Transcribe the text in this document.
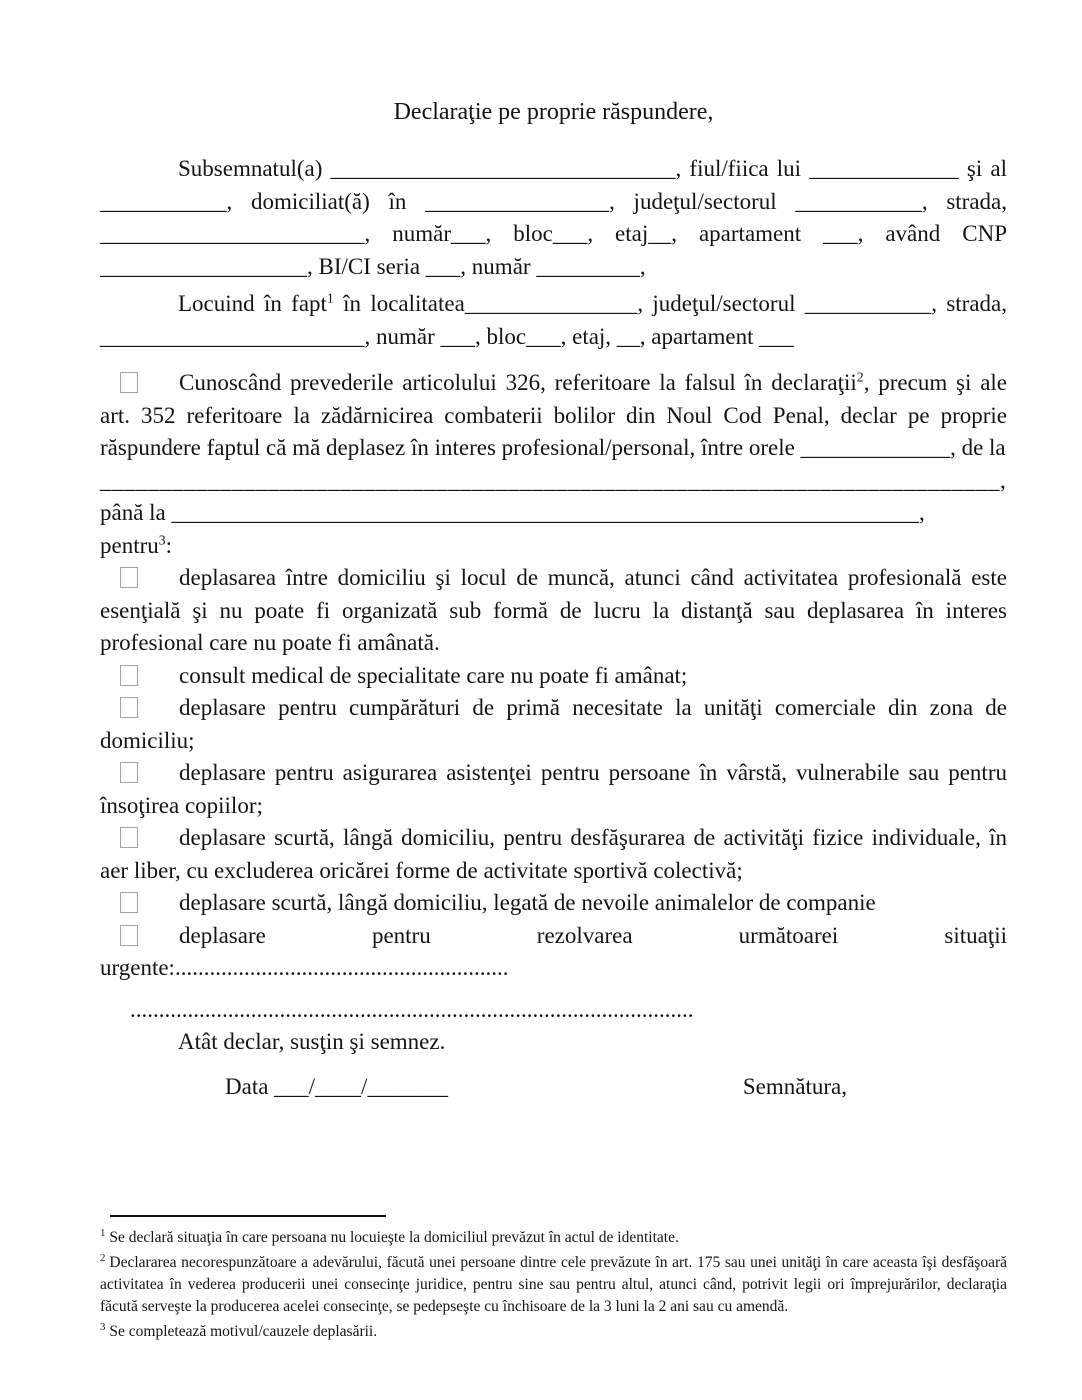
Declaraţie pe proprie răspundere,

Subsemnatul(a) ______________________________, fiul/fiica lui _____________ şi al ___________, domiciliat(ă) în ________________, judeţul/sectorul ___________, strada, _______________________, număr___, bloc___, etaj__, apartament ___, având CNP __________________, BI/CI seria ___, număr _________,

Locuind în fapt$^1$ în localitatea_______________, judeţul/sectorul ___________, strada, _______________________, număr ___, bloc___, etaj, __, apartament ___

Cunoscând prevederile articolului 326, referitoare la falsul în declaraţii$^2$, precum şi ale art. 352 referitoare la zădărnicirea combaterii bolilor din Noul Cod Penal, declar pe proprie răspundere faptul că mă deplasez în interes profesional/personal, între orele _____________, de la

___________________________________________________________________________,

până la _________________________________________________________________,

pentru$^3$:

deplasarea între domiciliu şi locul de muncă, atunci când activitatea profesională este esenţială şi nu poate fi organizată sub formă de lucru la distanţă sau deplasarea în interes profesional care nu poate fi amânată.

consult medical de specialitate care nu poate fi amânat;

deplasare pentru cumpărături de primă necesitate la unităţi comerciale din zona de domiciliu;

deplasare pentru asigurarea asistenţei pentru persoane în vârstă, vulnerabile sau pentru însoţirea copiilor;

deplasare scurtă, lângă domiciliu, pentru desfăşurarea de activităţi fizice individuale, în aer liber, cu excluderea oricărei forme de activitate sportivă colectivă;

deplasare scurtă, lângă domiciliu, legată de nevoile animalelor de companie

deplasare pentru rezolvarea următoarei situaţii urgente:..........................................................

..................................................................................................

Atât declar, susţin şi semnez.

Data ___/____/_______	Semnătura,

$^1$ Se declară situaţia în care persoana nu locuieşte la domiciliul prevăzut în actul de identitate.

$^2$ Declararea necorespunzătoare a adevărului, făcută unei persoane dintre cele prevăzute în art. 175 sau unei unităţi în care aceasta îşi desfăşoară activitatea în vederea producerii unei consecinţe juridice, pentru sine sau pentru altul, atunci când, potrivit legii ori împrejurărilor, declaraţia făcută serveşte la producerea acelei consecinţe, se pedepseşte cu închisoare de la 3 luni la 2 ani sau cu amendă.

$^3$ Se completează motivul/cauzele deplasării.
